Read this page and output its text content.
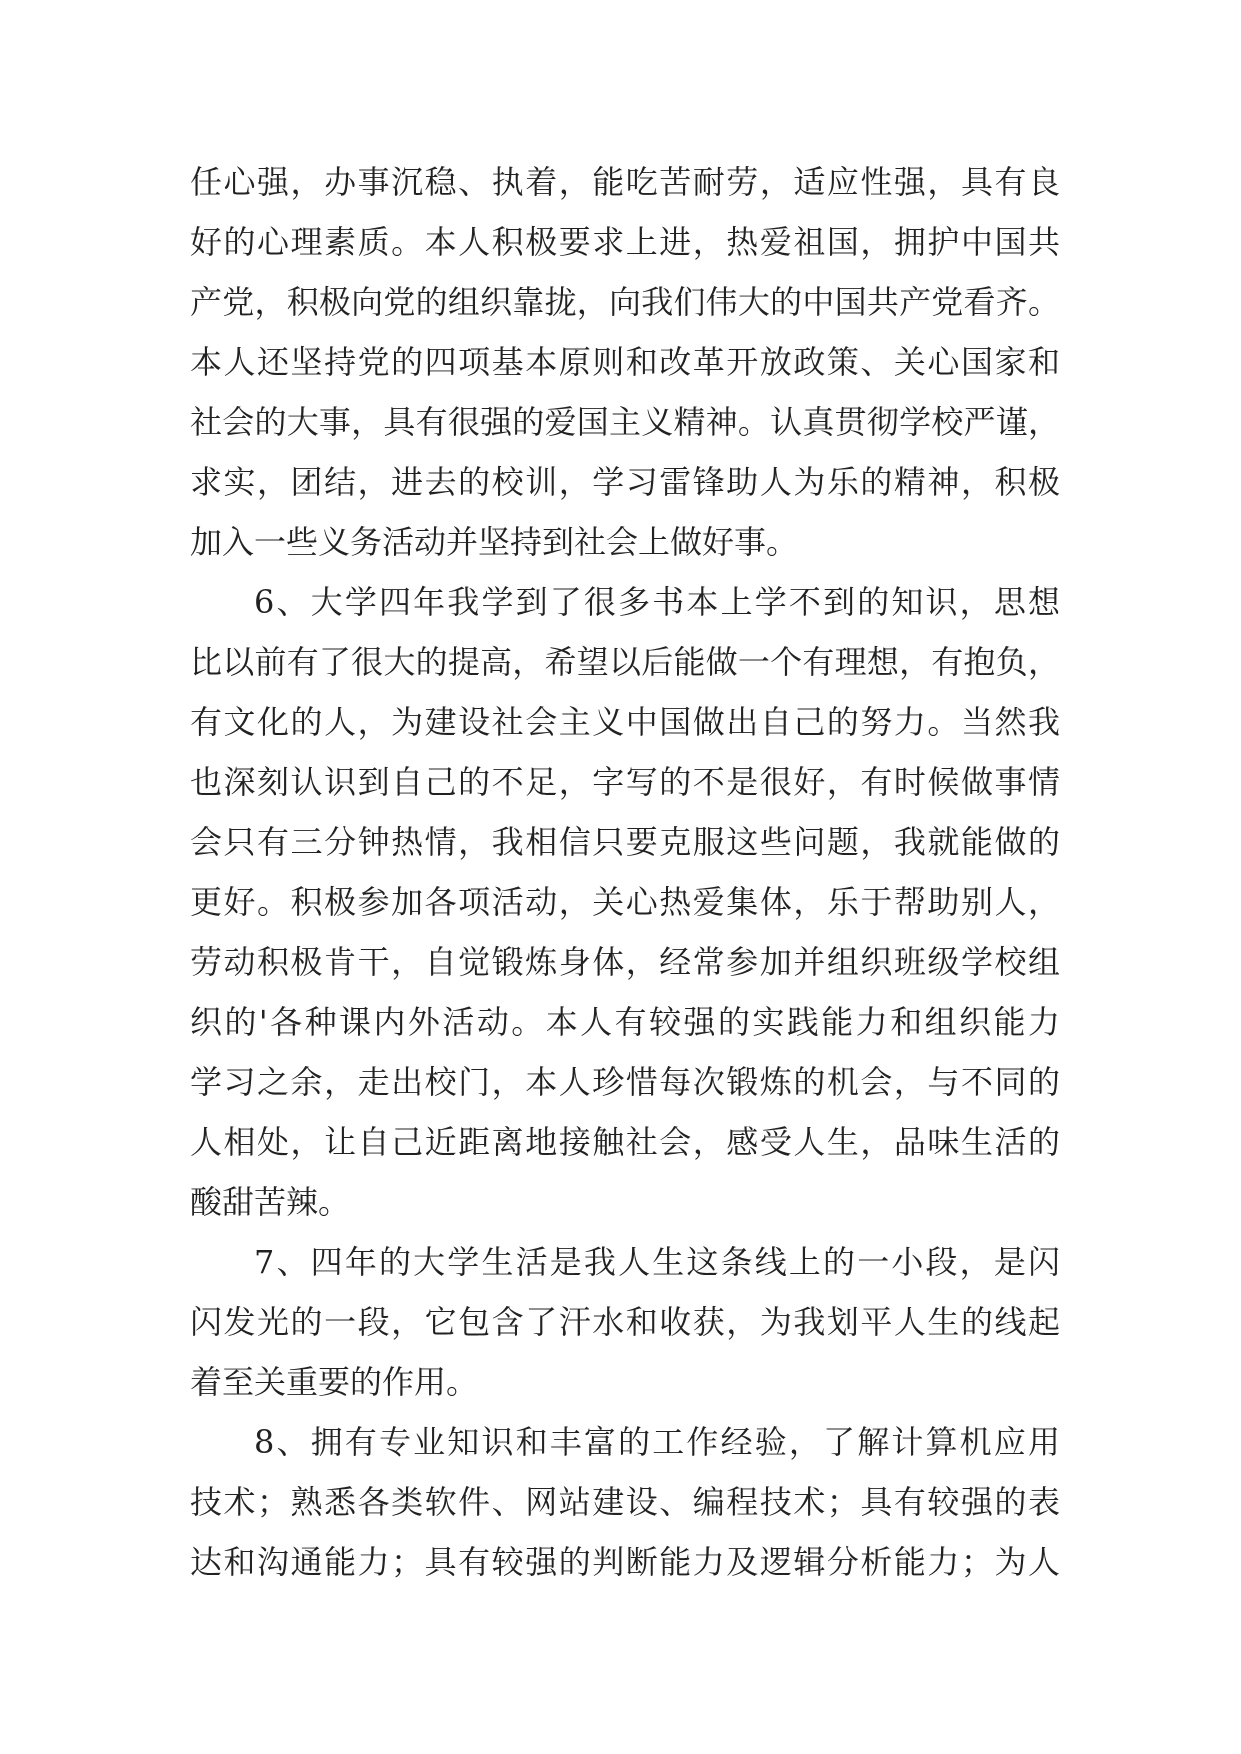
任心强，办事沉稳、执着，能吃苦耐劳，适应性强，具有良
好的心理素质。本人积极要求上进，热爱祖国，拥护中国共
产党，积极向党的组织靠拢，向我们伟大的中国共产党看齐。
本人还坚持党的四项基本原则和改革开放政策、关心国家和
社会的大事，具有很强的爱国主义精神。认真贯彻学校严谨，
求实，团结，进去的校训，学习雷锋助人为乐的精神，积极
加入一些义务活动并坚持到社会上做好事。
6、大学四年我学到了很多书本上学不到的知识，思想
比以前有了很大的提高，希望以后能做一个有理想，有抱负，
有文化的人，为建设社会主义中国做出自己的努力。当然我
也深刻认识到自己的不足，字写的不是很好，有时候做事情
会只有三分钟热情，我相信只要克服这些问题，我就能做的
更好。积极参加各项活动，关心热爱集体，乐于帮助别人，
劳动积极肯干，自觉锻炼身体，经常参加并组织班级学校组
织的'各种课内外活动。本人有较强的实践能力和组织能力
学习之余，走出校门，本人珍惜每次锻炼的机会，与不同的
人相处，让自己近距离地接触社会，感受人生，品味生活的
酸甜苦辣。
7、四年的大学生活是我人生这条线上的一小段，是闪
闪发光的一段，它包含了汗水和收获，为我划平人生的线起
着至关重要的作用。
8、拥有专业知识和丰富的工作经验，了解计算机应用
技术；熟悉各类软件、网站建设、编程技术；具有较强的表
达和沟通能力；具有较强的判断能力及逻辑分析能力；为人
